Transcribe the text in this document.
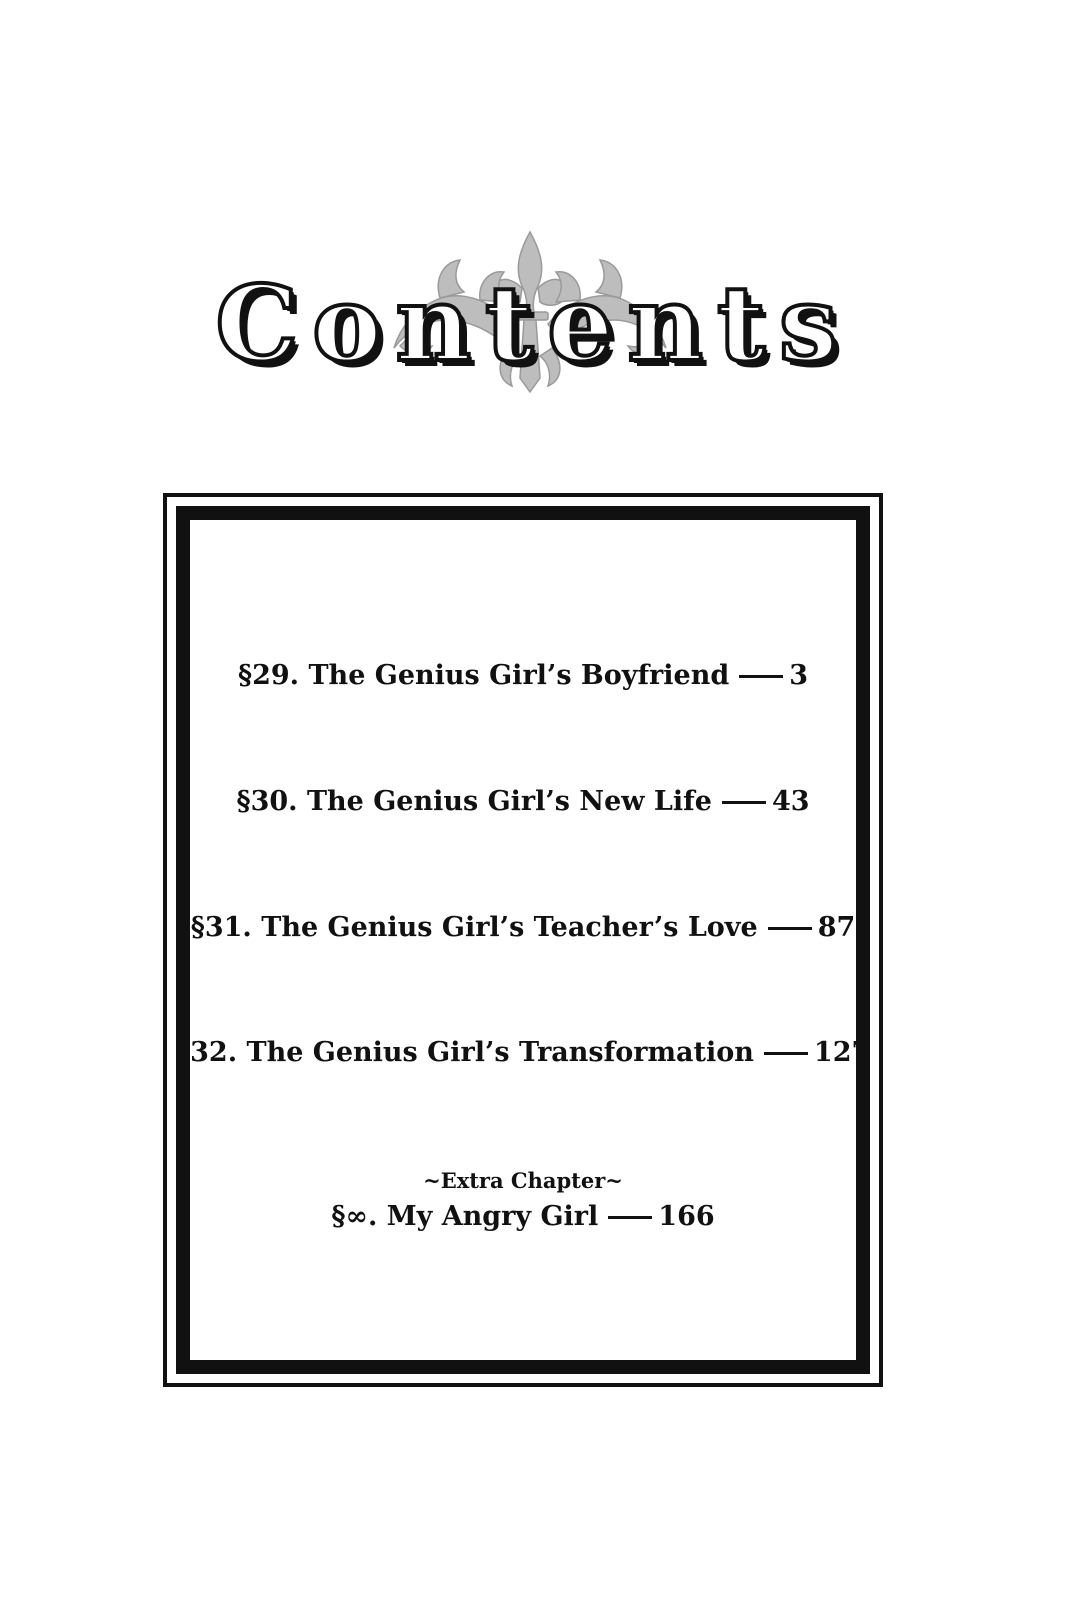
Contents
§29. The Genius Girl’s Boyfriend 3
§30. The Genius Girl’s New Life 43
§31. The Genius Girl’s Teacher’s Love 87
§32. The Genius Girl’s Transformation 127
~Extra Chapter~
§∞. My Angry Girl 166
